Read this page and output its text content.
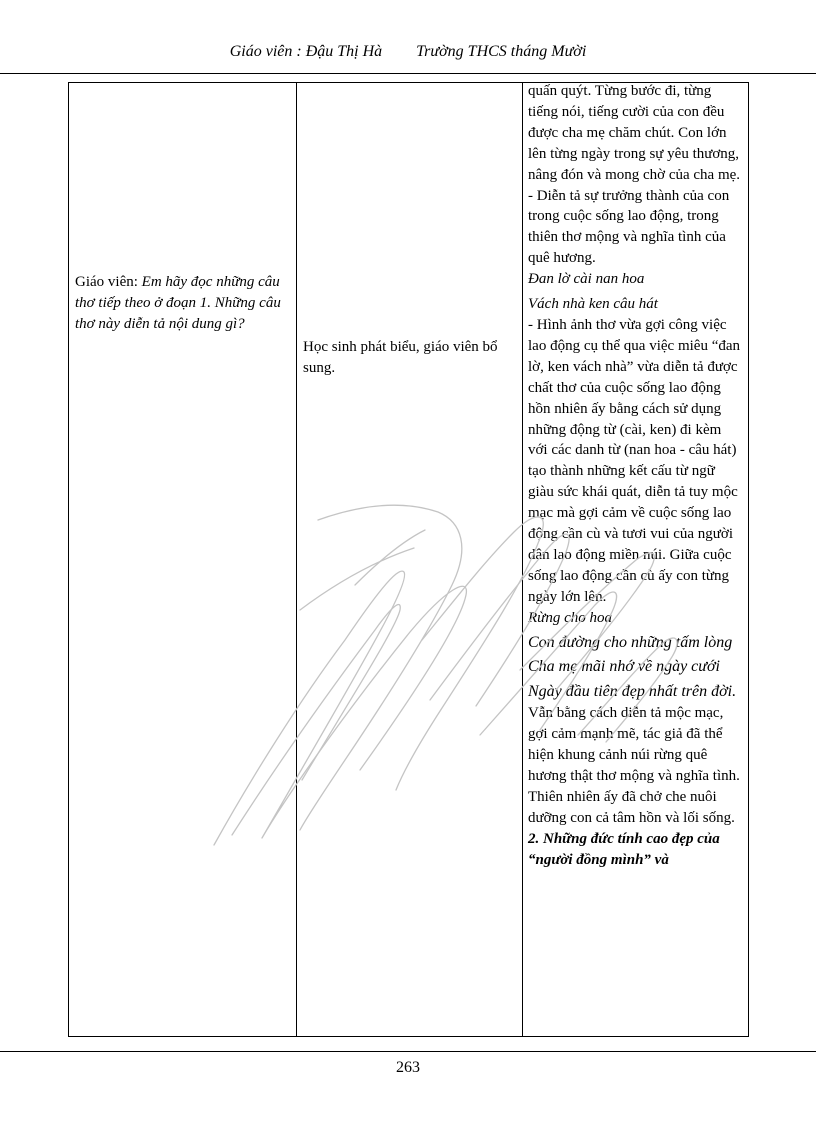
Giáo viên : Đậu Thị Hà Trường THCS tháng Mười
Giáo viên: Em hãy đọc những câu thơ tiếp theo ở đoạn 1. Những câu thơ này diễn tả nội dung gì?
Học sinh phát biểu, giáo viên bổ sung.
quấn quýt. Từng bước đi, từng tiếng nói, tiếng cười của con đều được cha mẹ chăm chút. Con lớn lên từng ngày trong sự yêu thương, nâng đón và mong chờ của cha mẹ.
- Diễn tả sự trưởng thành của con trong cuộc sống lao động, trong thiên thơ mộng và nghĩa tình của quê hương.
Đan lờ cài nan hoa
Vách nhà ken câu hát
- Hình ảnh thơ vừa gợi công việc lao động cụ thể qua việc miêu “đan lờ, ken vách nhà” vừa diễn tả được chất thơ của cuộc sống lao động hồn nhiên ấy bằng cách sử dụng những động từ (cài, ken) đi kèm với các danh từ (nan hoa - câu hát) tạo thành những kết cấu từ ngữ giàu sức khái quát, diễn tả tuy mộc mạc mà gợi cảm về cuộc sống lao động cần cù và tươi vui của người dân lao động miền núi. Giữa cuộc sống lao động cần cù ấy con từng ngày lớn lên.
Rừng cho hoa
Con đường cho những tấm lòng
Cha mẹ mãi nhớ về ngày cưới
Ngày đầu tiên đẹp nhất trên đời.
Vẫn bằng cách diễn tả mộc mạc, gợi cảm mạnh mẽ, tác giả đã thể hiện khung cảnh núi rừng quê hương thật thơ mộng và nghĩa tình. Thiên nhiên ấy đã chở che nuôi dưỡng con cả tâm hồn và lối sống.
2. Những đức tính cao đẹp của “người đồng mình” và
263
